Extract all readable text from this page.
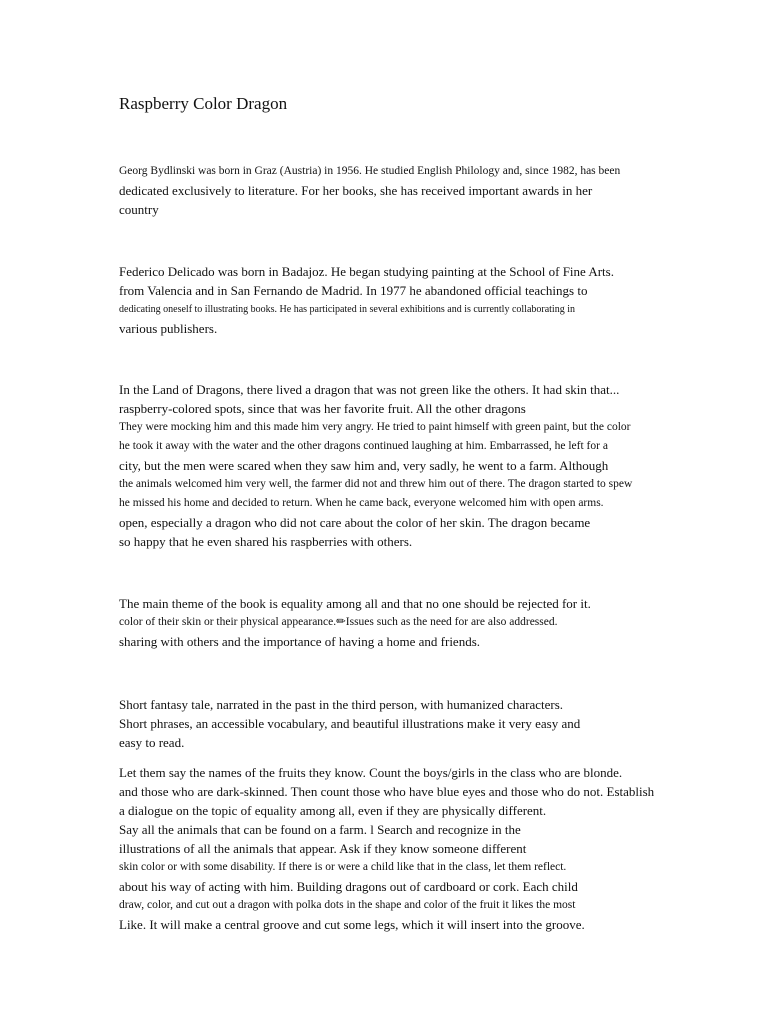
Raspberry Color Dragon
Georg Bydlinski was born in Graz (Austria) in 1956. He studied English Philology and, since 1982, has been
dedicated exclusively to literature. For her books, she has received important awards in her
country
Federico Delicado was born in Badajoz. He began studying painting at the School of Fine Arts.
from Valencia and in San Fernando de Madrid. In 1977 he abandoned official teachings to
dedicating oneself to illustrating books. He has participated in several exhibitions and is currently collaborating in
various publishers.
In the Land of Dragons, there lived a dragon that was not green like the others. It had skin that...
raspberry-colored spots, since that was her favorite fruit. All the other dragons
They were mocking him and this made him very angry. He tried to paint himself with green paint, but the color
he took it away with the water and the other dragons continued laughing at him. Embarrassed, he left for a
city, but the men were scared when they saw him and, very sadly, he went to a farm. Although
the animals welcomed him very well, the farmer did not and threw him out of there. The dragon started to spew
he missed his home and decided to return. When he came back, everyone welcomed him with open arms.
open, especially a dragon who did not care about the color of her skin. The dragon became
so happy that he even shared his raspberries with others.
The main theme of the book is equality among all and that no one should be rejected for it.
color of their skin or their physical appearance.✏Issues such as the need for are also addressed.
sharing with others and the importance of having a home and friends.
Short fantasy tale, narrated in the past in the third person, with humanized characters.
Short phrases, an accessible vocabulary, and beautiful illustrations make it very easy and
easy to read.
Let them say the names of the fruits they know. Count the boys/girls in the class who are blonde.
and those who are dark-skinned. Then count those who have blue eyes and those who do not. Establish
a dialogue on the topic of equality among all, even if they are physically different.
Say all the animals that can be found on a farm. l Search and recognize in the
illustrations of all the animals that appear. Ask if they know someone different
skin color or with some disability. If there is or were a child like that in the class, let them reflect.
about his way of acting with him. Building dragons out of cardboard or cork. Each child
draw, color, and cut out a dragon with polka dots in the shape and color of the fruit it likes the most
Like. It will make a central groove and cut some legs, which it will insert into the groove.
